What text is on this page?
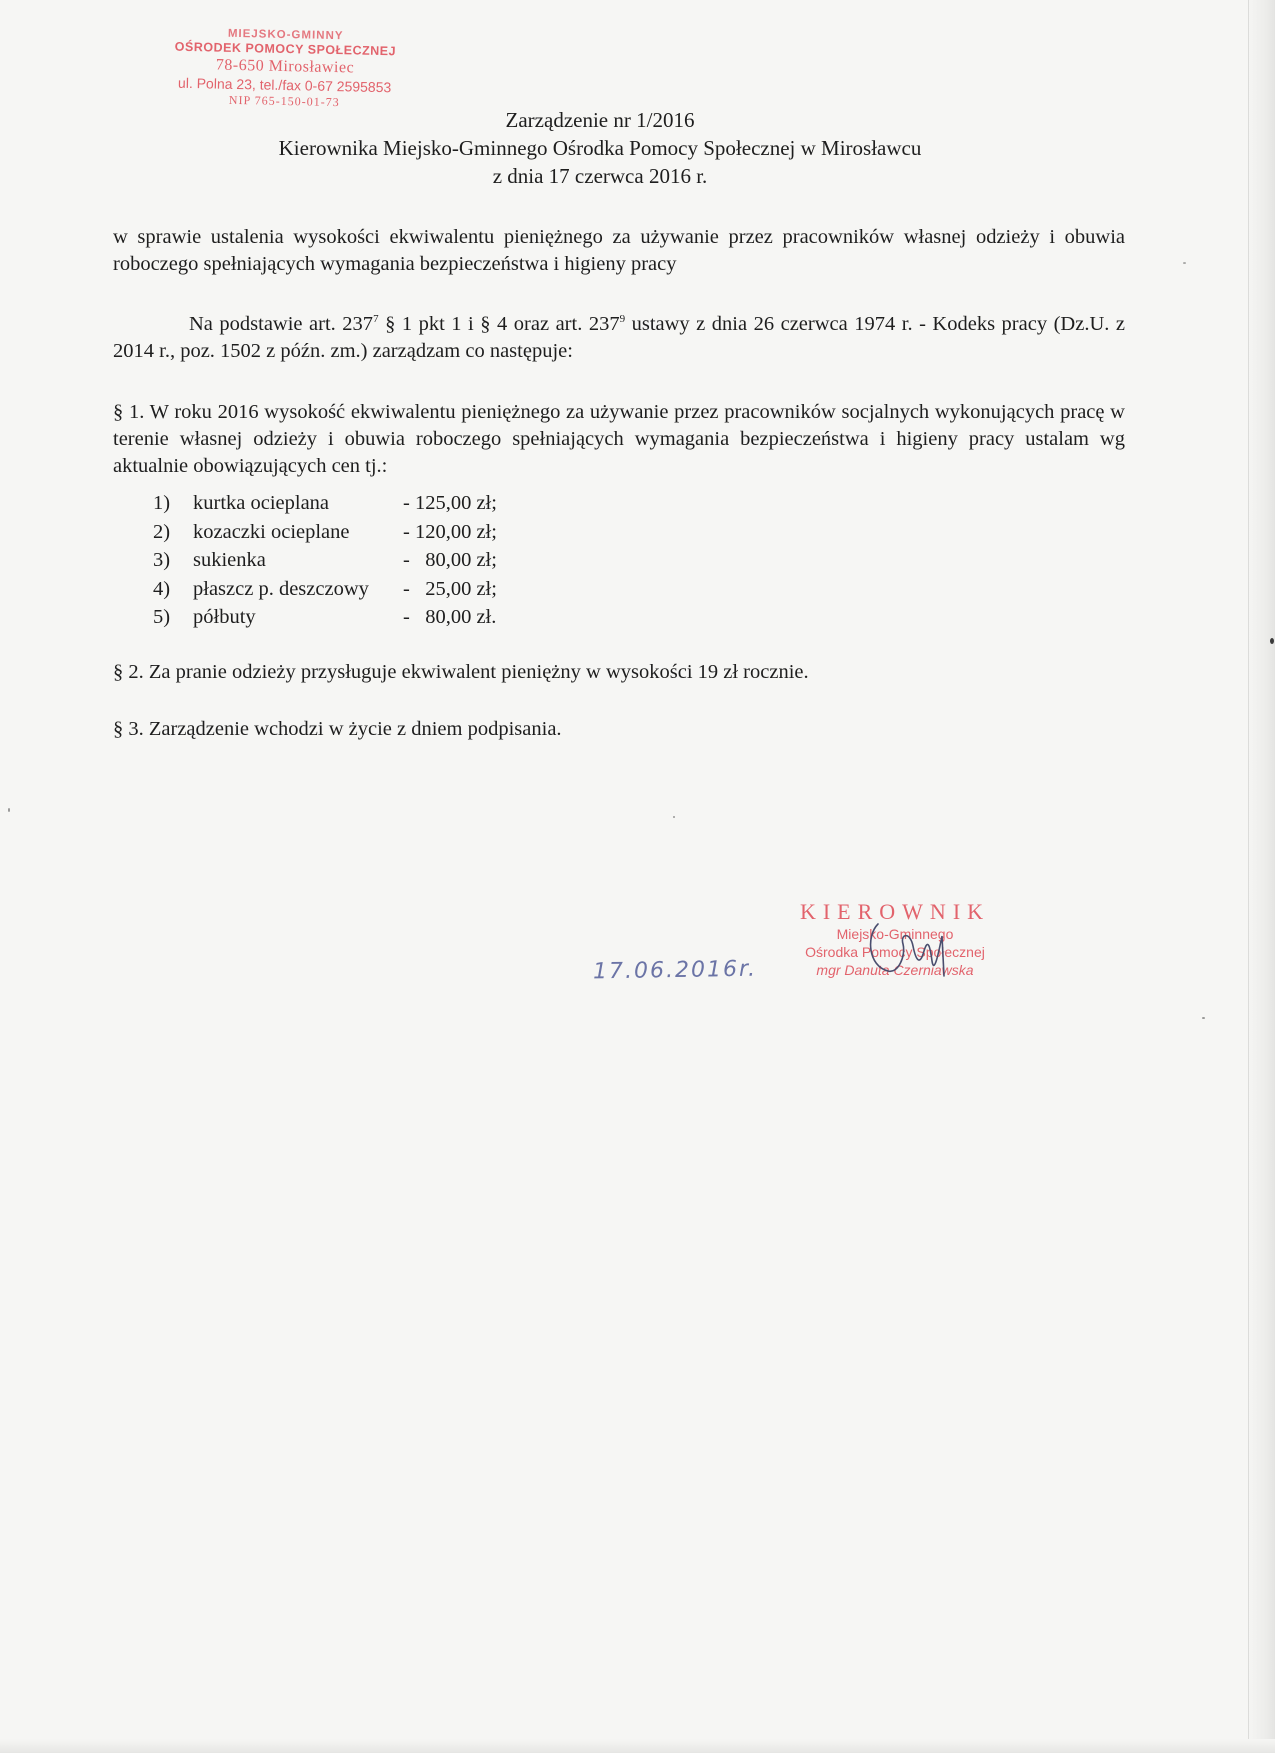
MIEJSKO-GMINNY
OŚRODEK POMOCY SPOŁECZNEJ
78-650 Mirosławiec
ul. Polna 23, tel./fax 0-67 2595853
NIP 765-150-01-73
Zarządzenie nr 1/2016
Kierownika Miejsko-Gminnego Ośrodka Pomocy Społecznej w Mirosławcu
z dnia 17 czerwca 2016 r.
w sprawie ustalenia wysokości ekwiwalentu pieniężnego za używanie przez pracowników własnej odzieży i obuwia roboczego spełniających wymagania bezpieczeństwa i higieny pracy
Na podstawie art. $237^7$ § 1 pkt 1 i § 4 oraz art. $237^9$ ustawy z dnia 26 czerwca 1974 r. - Kodeks pracy (Dz.U. z 2014 r., poz. 1502 z późn. zm.) zarządzam co następuje:
§ 1. W roku 2016 wysokość ekwiwalentu pieniężnego za używanie przez pracowników socjalnych wykonujących pracę w terenie własnej odzieży i obuwia roboczego spełniających wymagania bezpieczeństwa i higieny pracy ustalam wg aktualnie obowiązujących cen tj.:
1) kurtka ocieplana	- 125,00 zł;
2) kozaczki ocieplane	- 120,00 zł;
3) sukienka	-   80,00 zł;
4) płaszcz p. deszczowy -   25,00 zł;
5) półbuty	-   80,00 zł.
§ 2. Za pranie odzieży przysługuje ekwiwalent pieniężny w wysokości 19 zł rocznie.
§ 3. Zarządzenie wchodzi w życie z dniem podpisania.
KIEROWNIK
Miejsko-Gminnego
Ośrodka Pomocy Społecznej
mgr Danuta Czerniawska
17.06.2016r.
